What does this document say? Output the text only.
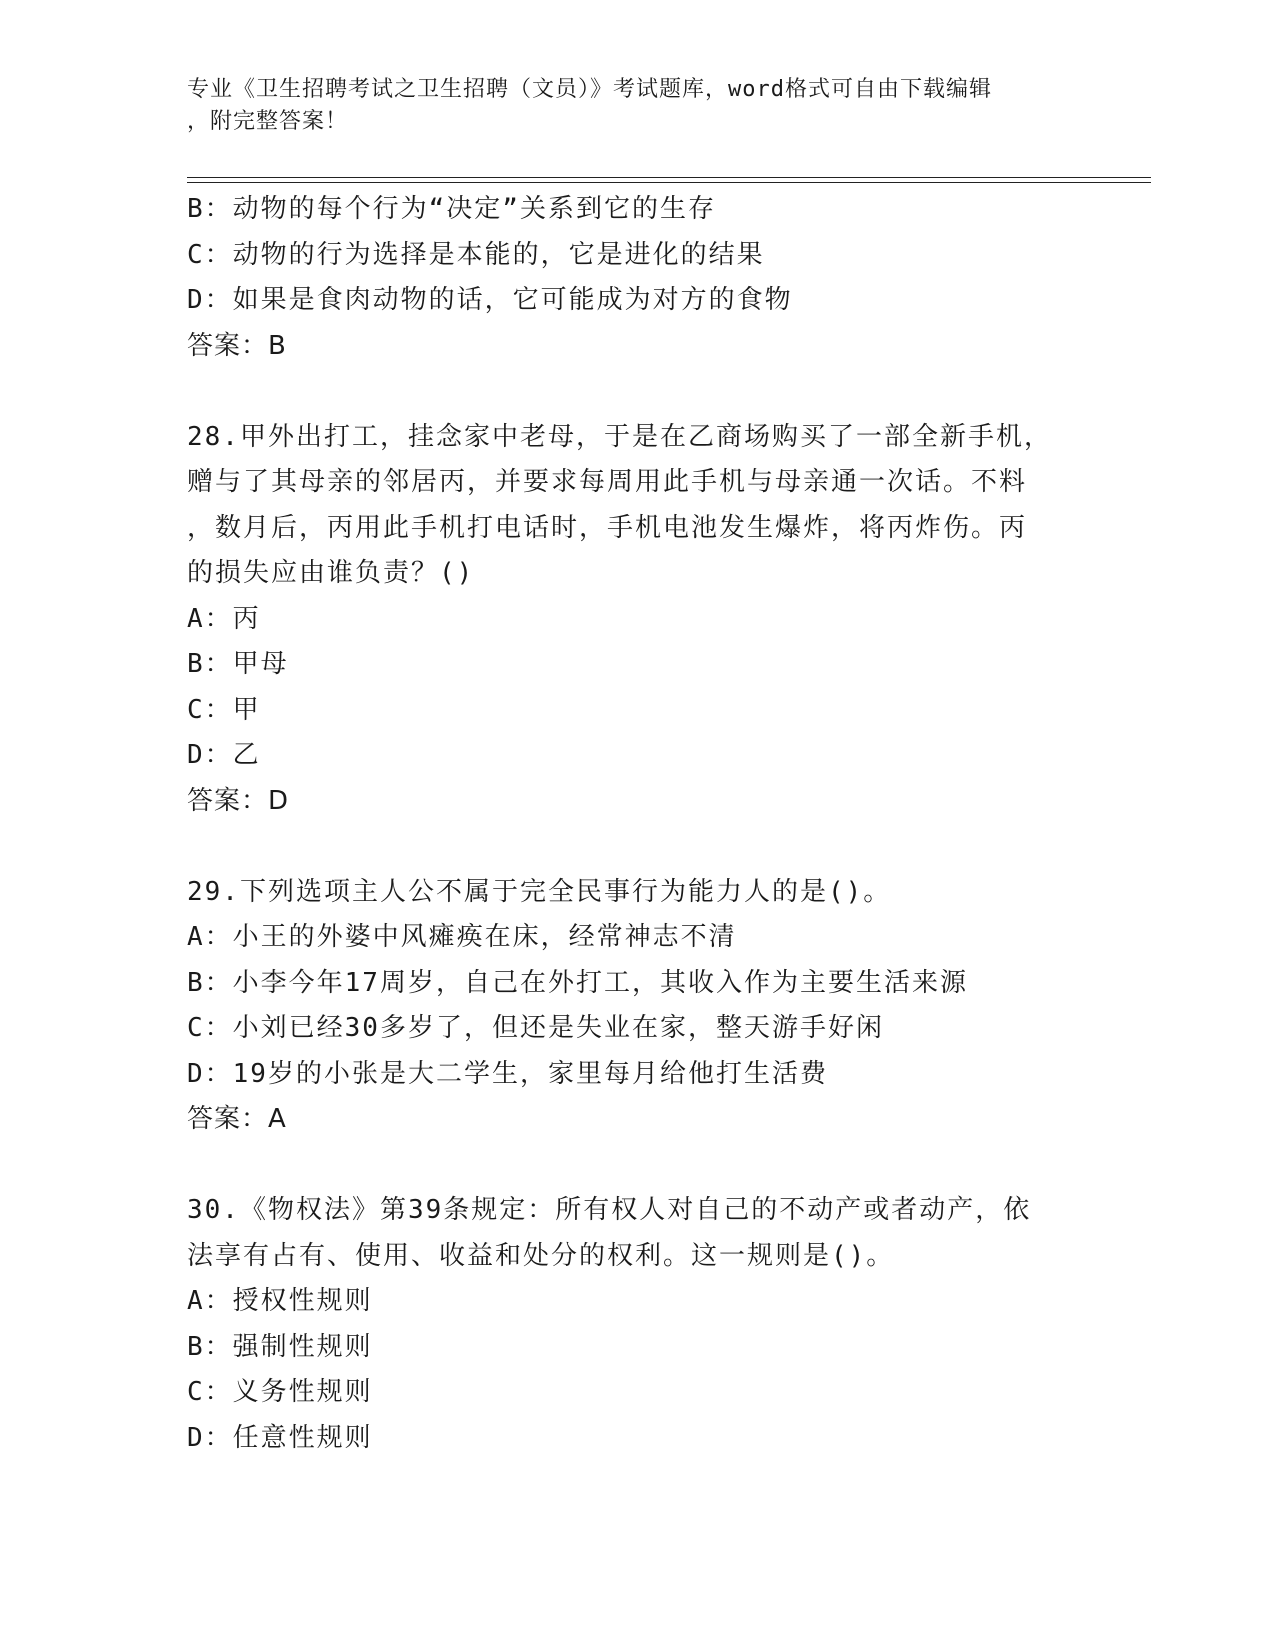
专业《卫生招聘考试之卫生招聘（文员）》考试题库，word格式可自由下载编辑
，附完整答案！
B：动物的每个行为“决定”关系到它的生存
C：动物的行为选择是本能的，它是进化的结果
D：如果是食肉动物的话，它可能成为对方的食物
答案：B
28.甲外出打工，挂念家中老母，于是在乙商场购买了一部全新手机，
赠与了其母亲的邻居丙，并要求每周用此手机与母亲通一次话。不料
，数月后，丙用此手机打电话时，手机电池发生爆炸，将丙炸伤。丙
的损失应由谁负责？()
A：丙
B：甲母
C：甲
D：乙
答案：D
29.下列选项主人公不属于完全民事行为能力人的是()。
A：小王的外婆中风瘫痪在床，经常神志不清
B：小李今年17周岁，自己在外打工，其收入作为主要生活来源
C：小刘已经30多岁了，但还是失业在家，整天游手好闲
D：19岁的小张是大二学生，家里每月给他打生活费
答案：A
30.《物权法》第39条规定：所有权人对自己的不动产或者动产，依
法享有占有、使用、收益和处分的权利。这一规则是()。
A：授权性规则
B：强制性规则
C：义务性规则
D：任意性规则
